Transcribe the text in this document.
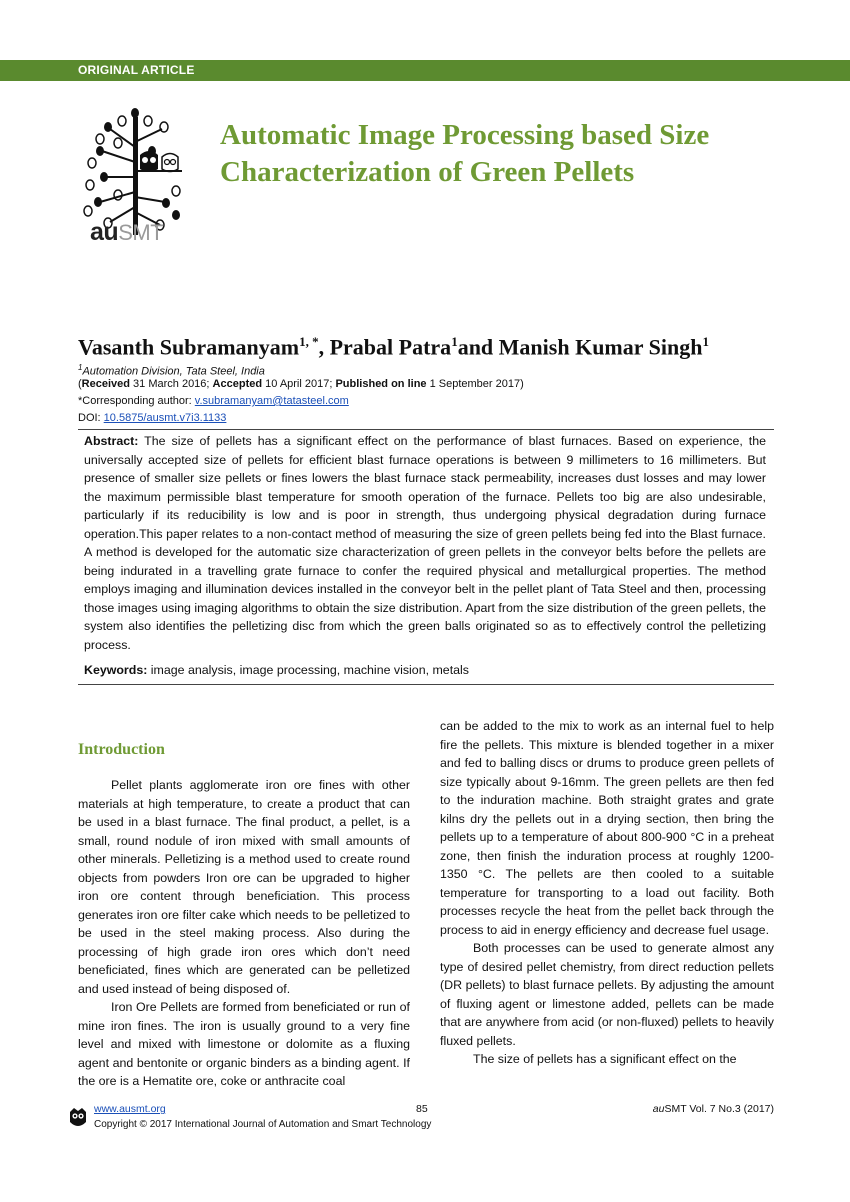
ORIGINAL ARTICLE
auSMT
Automatic Image Processing based Size Characterization of Green Pellets
Vasanth Subramanyam$^{1, *}$, Prabal Patra$^1$and Manish Kumar Singh$^1$
$^1$Automation Division, Tata Steel, India
(Received 31 March 2016; Accepted 10 April 2017; Published on line 1 September 2017)
*Corresponding author: v.subramanyam@tatasteel.com
DOI: 10.5875/ausmt.v7i3.1133
Abstract: The size of pellets has a significant effect on the performance of blast furnaces. Based on experience, the universally accepted size of pellets for efficient blast furnace operations is between 9 millimeters to 16 millimeters. But presence of smaller size pellets or fines lowers the blast furnace stack permeability, increases dust losses and may lower the maximum permissible blast temperature for smooth operation of the furnace. Pellets too big are also undesirable, particularly if its reducibility is low and is poor in strength, thus undergoing physical degradation during furnace operation.This paper relates to a non-contact method of measuring the size of green pellets being fed into the Blast furnace. A method is developed for the automatic size characterization of green pellets in the conveyor belts before the pellets are being indurated in a travelling grate furnace to confer the required physical and metallurgical properties. The method employs imaging and illumination devices installed in the conveyor belt in the pellet plant of Tata Steel and then, processing those images using imaging algorithms to obtain the size distribution. Apart from the size distribution of the green pellets, the system also identifies the pelletizing disc from which the green balls originated so as to effectively control the pelletizing process.
Keywords: image analysis, image processing, machine vision, metals
Introduction

Pellet plants agglomerate iron ore fines with other materials at high temperature, to create a product that can be used in a blast furnace. The final product, a pellet, is a small, round nodule of iron mixed with small amounts of other minerals. Pelletizing is a method used to create round objects from powders Iron ore can be upgraded to higher iron ore content through beneficiation. This process generates iron ore filter cake which needs to be pelletized to be used in the steel making process. Also during the processing of high grade iron ores which don’t need beneficiated, fines which are generated can be pelletized and used instead of being disposed of.

Iron Ore Pellets are formed from beneficiated or run of mine iron fines. The iron is usually ground to a very fine level and mixed with limestone or dolomite as a fluxing agent and bentonite or organic binders as a binding agent. If the ore is a Hematite ore, coke or anthracite coal

can be added to the mix to work as an internal fuel to help fire the pellets. This mixture is blended together in a mixer and fed to balling discs or drums to produce green pellets of size typically about 9-16mm. The green pellets are then fed to the induration machine. Both straight grates and grate kilns dry the pellets out in a drying section, then bring the pellets up to a temperature of about 800-900 °C in a preheat zone, then finish the induration process at roughly 1200-1350 °C. The pellets are then cooled to a suitable temperature for transporting to a load out facility. Both processes recycle the heat from the pellet back through the process to aid in energy efficiency and decrease fuel usage.

Both processes can be used to generate almost any type of desired pellet chemistry, from direct reduction pellets (DR pellets) to blast furnace pellets. By adjusting the amount of fluxing agent or limestone added, pellets can be made that are anywhere from acid (or non-fluxed) pellets to heavily fluxed pellets.

The size of pellets has a significant effect on the

www.ausmt.org	85	auSMT Vol. 7 No.3 (2017)
Copyright © 2017 International Journal of Automation and Smart Technology
